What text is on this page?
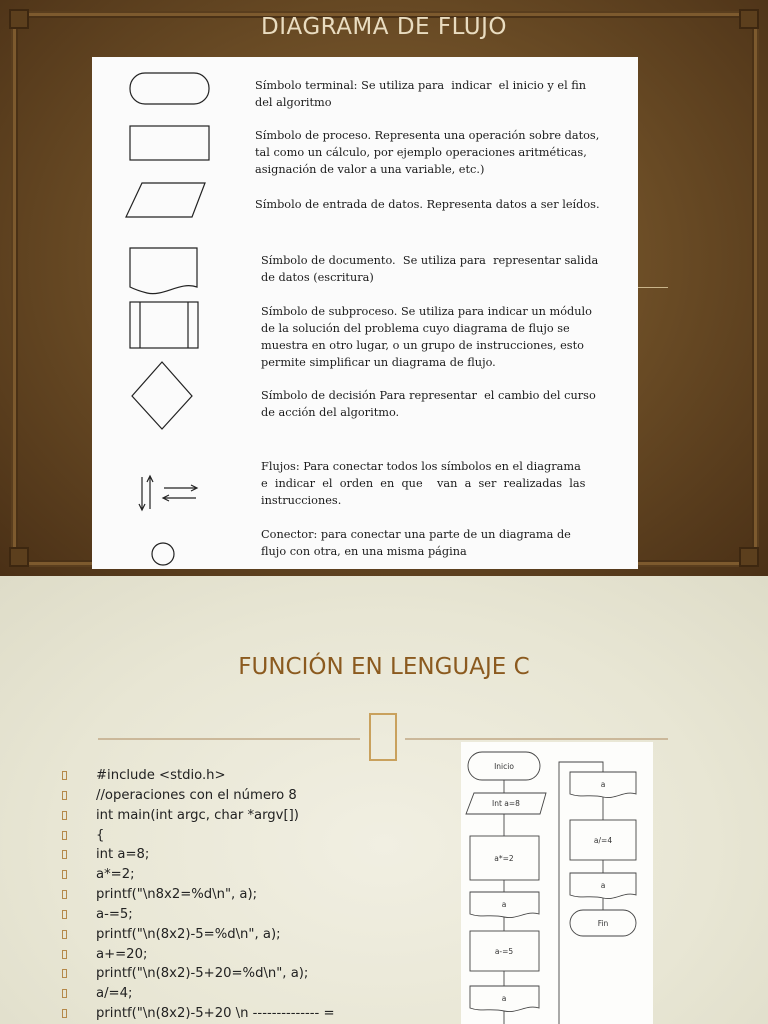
DIAGRAMA DE FLUJO
Símbolo terminal: Se utiliza para  indicar  el inicio y el fin
del algoritmo
Símbolo de proceso. Representa una operación sobre datos,
tal como un cálculo, por ejemplo operaciones aritméticas,
asignación de valor a una variable, etc.)
Símbolo de entrada de datos. Representa datos a ser leídos.
Símbolo de documento.  Se utiliza para  representar salida
de datos (escritura)
Símbolo de subproceso. Se utiliza para indicar un módulo
de la solución del problema cuyo diagrama de flujo se
muestra en otro lugar, o un grupo de instrucciones, esto
permite simplificar un diagrama de flujo.
Símbolo de decisión Para representar  el cambio del curso
de acción del algoritmo.
Flujos: Para conectar todos los símbolos en el diagrama
e  indicar  el  orden  en  que    van  a  ser  realizadas  las
instrucciones.
Conector: para conectar una parte de un diagrama de
flujo con otra, en una misma página
FUNCIÓN EN LENGUAJE C
#include <stdio.h>
//operaciones con el número 8
int main(int argc, char *argv[])
{
int a=8;
a*=2;
printf("\n8x2=%d\n", a);
a-=5;
printf("\n(8x2)-5=%d\n", a);
a+=20;
printf("\n(8x2)-5+20=%d\n", a);
a/=4;
printf("\n(8x2)-5+20 \n -------------- =
Inicio
Int a=8
a*=2
a
a-=5
a
a
a/=4
a
Fin
